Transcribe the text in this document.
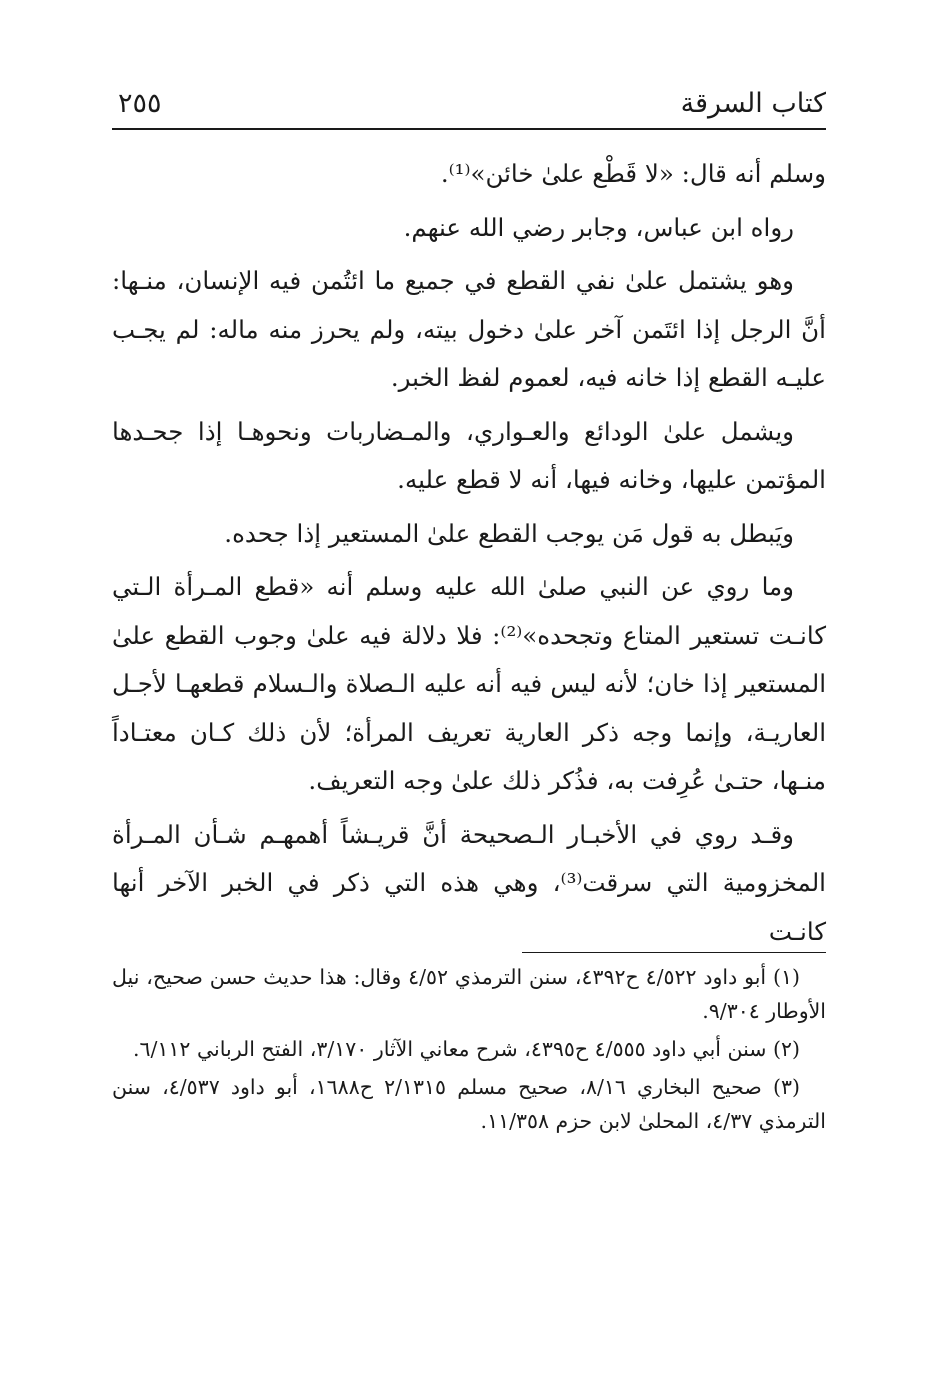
كتاب السرقة
٢٥٥

وسلم أنه قال: «لا قَطْع علىٰ خائن»⁽¹⁾.

رواه ابن عباس، وجابر رضي الله عنهم.

وهو يشتمل علىٰ نفي القطع في جميع ما ائتُمن فيه الإنسان، منـها: أنَّ الرجل إذا ائتَمن آخر علىٰ دخول بيته، ولم يحرز منه ماله: لم يجـب عليـه القطع إذا خانه فيه، لعموم لفظ الخبر.

ويشمل علىٰ الودائع والعـواري، والمـضاربات ونحوهـا إذا جحـدها المؤتمن عليها، وخانه فيها، أنه لا قطع عليه.

ويَبطل به قول مَن يوجب القطع علىٰ المستعير إذا جحده.

وما روي عن النبي صلىٰ الله عليه وسلم أنه «قطع المـرأة الـتي كانـت تستعير المتاع وتجحده»⁽²⁾: فلا دلالة فيه علىٰ وجوب القطع علىٰ المستعير إذا خان؛ لأنه ليس فيه أنه عليه الـصلاة والـسلام قطعهـا لأجـل العاريـة، وإنما وجه ذكر العارية تعريف المرأة؛ لأن ذلك كـان معتـاداً منـها، حتـىٰ عُرِفت به، فذُكر ذلك علىٰ وجه التعريف.

وقـد روي في الأخبـار الـصحيحة أنَّ قريـشاً أهمهـم شـأن المـرأة المخزومية التي سرقت⁽³⁾، وهي هذه التي ذكر في الخبر الآخر أنها كانـت

(١) أبو داود ٤/٥٢٢ ح٤٣٩٢، سنن الترمذي ٤/٥٢ وقال: هذا حديث حسن صحيح، نيل الأوطار ٩/٣٠٤.

(٢) سنن أبي داود ٤/٥٥٥ ح٤٣٩٥، شرح معاني الآثار ٣/١٧٠، الفتح الرباني ٦/١١٢.

(٣) صحيح البخاري ٨/١٦، صحيح مسلم ٢/١٣١٥ ح١٦٨٨، أبو داود ٤/٥٣٧، سنن الترمذي ٤/٣٧، المحلىٰ لابن حزم ١١/٣٥٨.
